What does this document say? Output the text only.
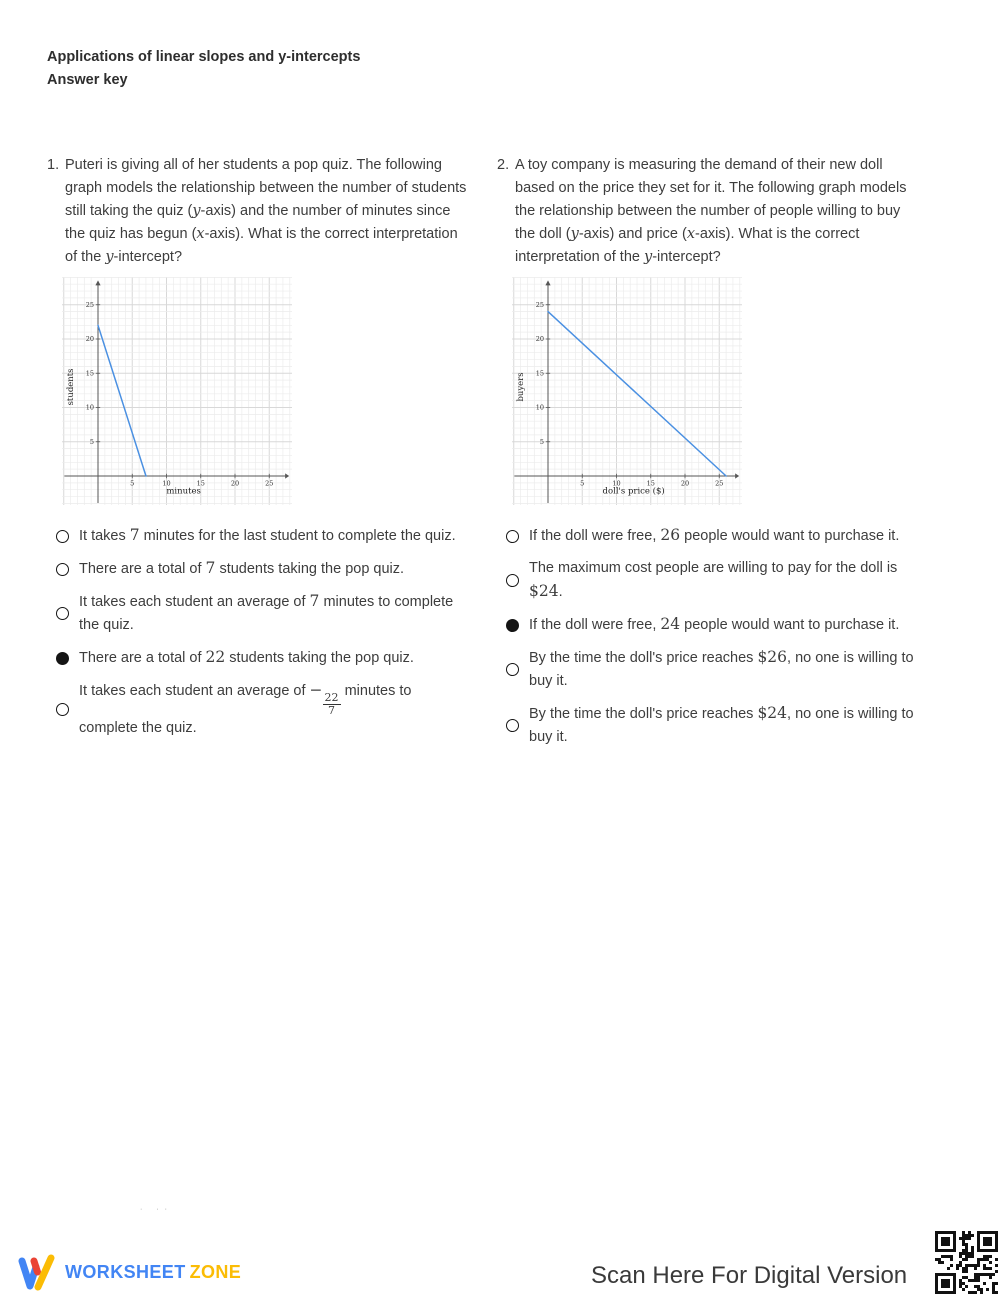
Applications of linear slopes and y-intercepts
Answer key
1. Puteri is giving all of her students a pop quiz. The following graph models the relationship between the number of students still taking the quiz (y-axis) and the number of minutes since the quiz has begun (x-axis). What is the correct interpretation of the y-intercept?
5	10	15	20	25
5
10
15
20
25
minutes
students
It takes 7 minutes for the last student to complete the quiz.
There are a total of 7 students taking the pop quiz.
It takes each student an average of 7 minutes to complete the quiz.
There are a total of 22 students taking the pop quiz.
It takes each student an average of −
$\frac{22}{7}$
minutes to complete the quiz.
2. A toy company is measuring the demand of their new doll based on the price they set for it. The following graph models the relationship between the number of people willing to buy the doll (y-axis) and price (x-axis). What is the correct interpretation of the y-intercept?
5	10	15	20	25
5
10
15
20
25
doll's price ($)
buyers
If the doll were free, 26 people would want to purchase it.
The maximum cost people are willing to pay for the doll is $24.
If the doll were free, 24 people would want to purchase it.
By the time the doll's price reaches $26, no one is willing to buy it.
By the time the doll's price reaches $24, no one is willing to buy it.
· ··
WORKSHEET ZONE	Scan Here For Digital Version
